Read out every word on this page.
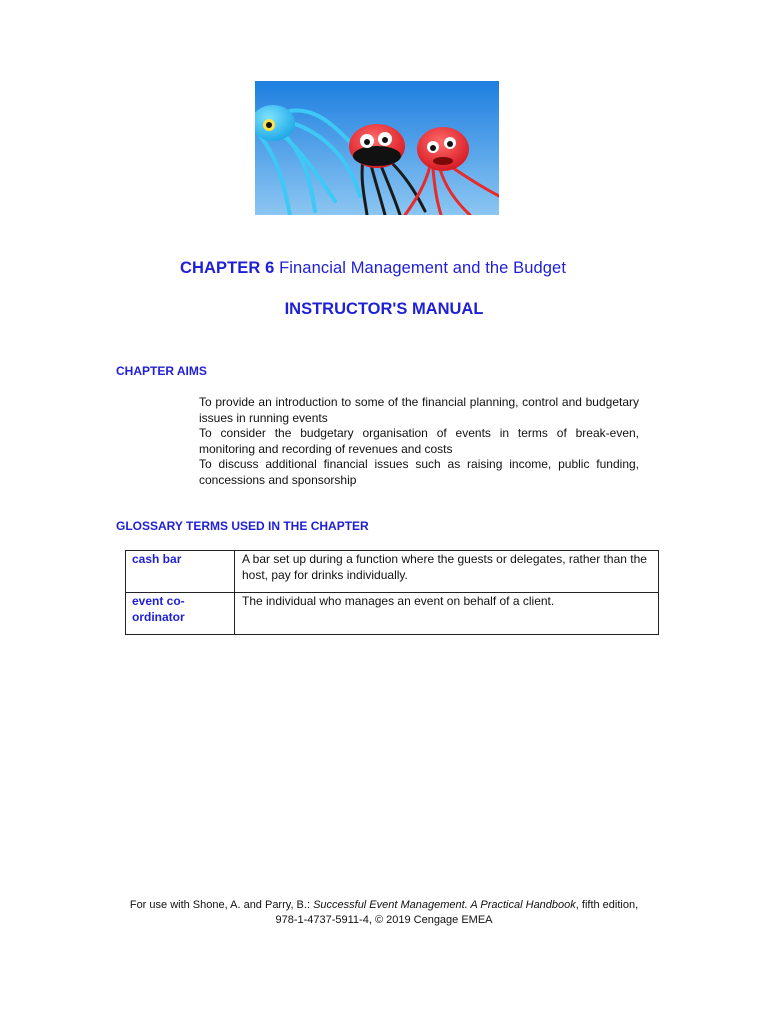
CHAPTER 6 Financial Management and the Budget
INSTRUCTOR'S MANUAL
CHAPTER AIMS

To provide an introduction to some of the financial planning, control and budgetary issues in running events

To consider the budgetary organisation of events in terms of break-even, monitoring and recording of revenues and costs

To discuss additional financial issues such as raising income, public funding, concessions and sponsorship

GLOSSARY TERMS USED IN THE CHAPTER
cash bar	A bar set up during a function where the guests or delegates, rather than the host, pay for drinks individually.
event co-ordinator	The individual who manages an event on behalf of a client.
For use with Shone, A. and Parry, B.: Successful Event Management. A Practical Handbook, fifth edition,
978-1-4737-5911-4, © 2019 Cengage EMEA
